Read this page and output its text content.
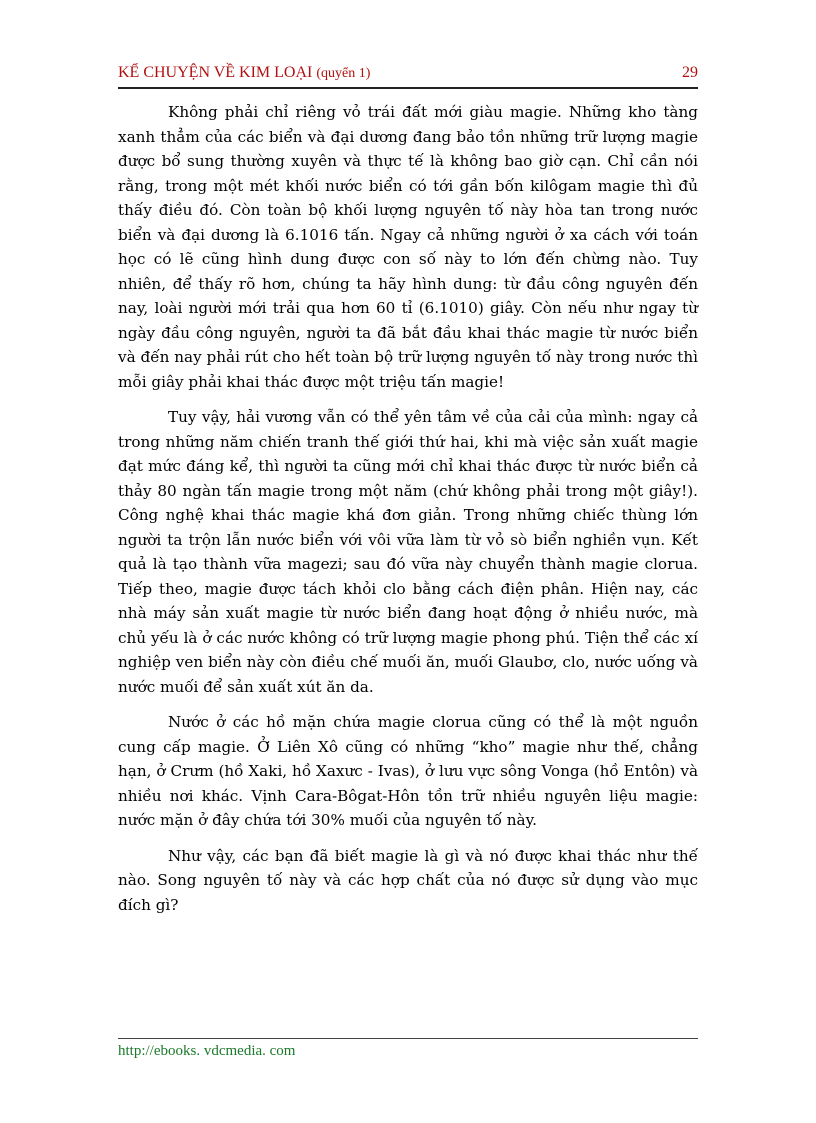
KỂ CHUYỆN VỀ KIM LOẠI (quyển 1)	29

Không phải chỉ riêng vỏ trái đất mới giàu magie. Những kho tàng xanh thẳm của các biển và đại dương đang bảo tồn những trữ lượng magie được bổ sung thường xuyên và thực tế là không bao giờ cạn. Chỉ cần nói rằng, trong một mét khối nước biển có tới gần bốn kilôgam magie thì đủ thấy điều đó. Còn toàn bộ khối lượng nguyên tố này hòa tan trong nước biển và đại dương là 6.1016 tấn. Ngay cả những người ở xa cách với toán học có lẽ cũng hình dung được con số này to lớn đến chừng nào. Tuy nhiên, để thấy rõ hơn, chúng ta hãy hình dung: từ đầu công nguyên đến nay, loài người mới trải qua hơn 60 tỉ (6.1010) giây. Còn nếu như ngay từ ngày đầu công nguyên, người ta đã bắt đầu khai thác magie từ nước biển và đến nay phải rút cho hết toàn bộ trữ lượng nguyên tố này trong nước thì mỗi giây phải khai thác được một triệu tấn magie!

Tuy vậy, hải vương vẫn có thể yên tâm về của cải của mình: ngay cả trong những năm chiến tranh thế giới thứ hai, khi mà việc sản xuất magie đạt mức đáng kể, thì người ta cũng mới chỉ khai thác được từ nước biển cả thảy 80 ngàn tấn magie trong một năm (chứ không phải trong một giây!). Công nghệ khai thác magie khá đơn giản. Trong những chiếc thùng lớn người ta trộn lẫn nước biển với vôi vữa làm từ vỏ sò biển nghiền vụn. Kết quả là tạo thành vữa magezi; sau đó vữa này chuyển thành magie clorua. Tiếp theo, magie được tách khỏi clo bằng cách điện phân. Hiện nay, các nhà máy sản xuất magie từ nước biển đang hoạt động ở nhiều nước, mà chủ yếu là ở các nước không có trữ lượng magie phong phú. Tiện thể các xí nghiệp ven biển này còn điều chế muối ăn, muối Glaubơ, clo, nước uống và nước muối để sản xuất xút ăn da.

Nước ở các hồ mặn chứa magie clorua cũng có thể là một nguồn cung cấp magie. Ở Liên Xô cũng có những “kho” magie như thế, chẳng hạn, ở Crưm (hồ Xaki, hồ Xaxưc - Ivas), ở lưu vực sông Vonga (hồ Entôn) và nhiều nơi khác. Vịnh Cara-Bôgat-Hôn tồn trữ nhiều nguyên liệu magie: nước mặn ở đây chứa tới 30% muối của nguyên tố này.

Như vậy, các bạn đã biết magie là gì và nó được khai thác như thế nào. Song nguyên tố này và các hợp chất của nó được sử dụng vào mục đích gì?

http://ebooks. vdcmedia. com
